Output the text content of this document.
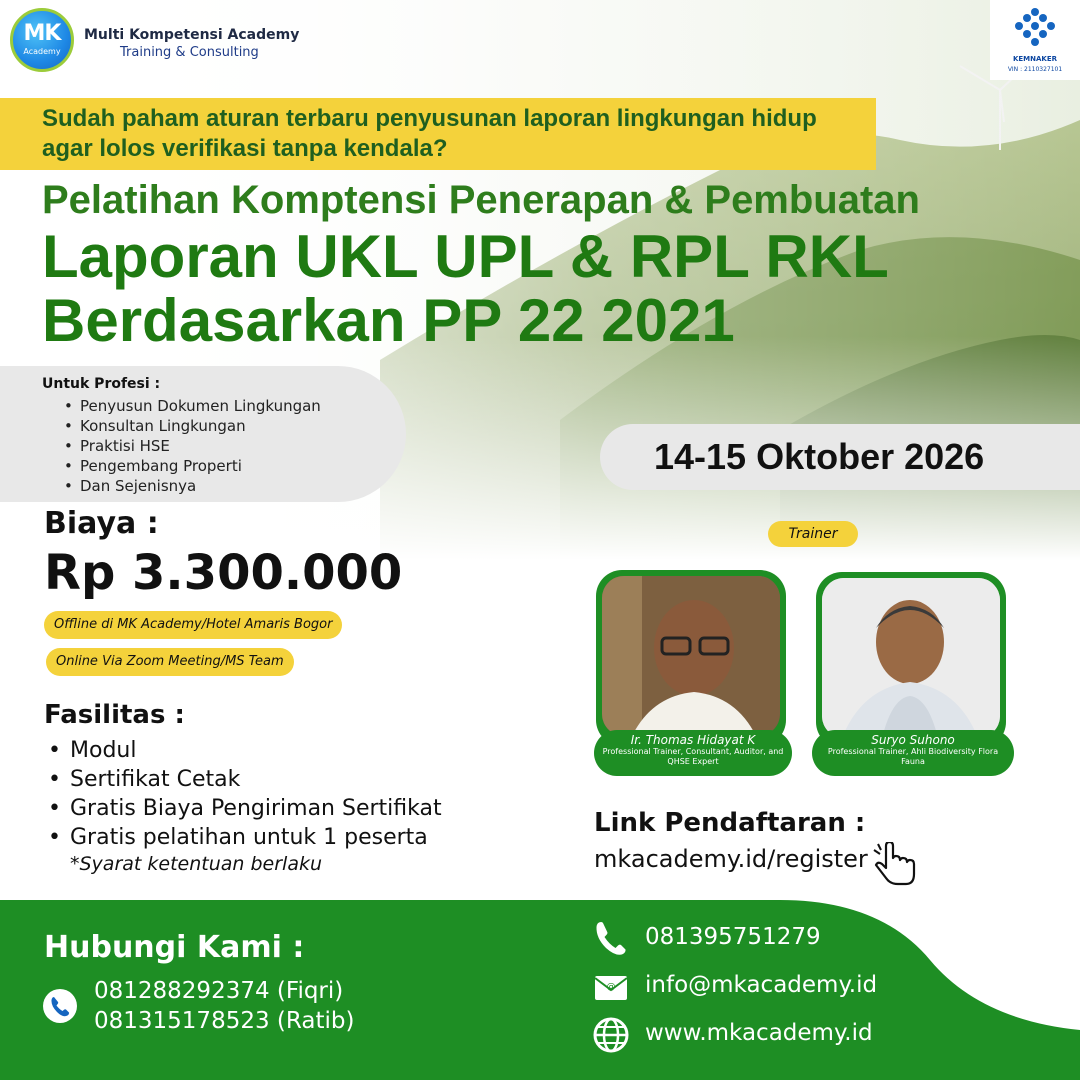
MK
Academy
Multi Kompetensi Academy
Training & Consulting	KEMNAKER
VIN : 2110327101
Sudah paham aturan terbaru penyusunan laporan lingkungan hidup agar lolos verifikasi tanpa kendala?
Pelatihan Komptensi Penerapan & Pembuatan
Laporan UKL UPL & RPL RKL
Berdasarkan PP 22 2021
Untuk Profesi :
• Penyusun Dokumen Lingkungan
• Konsultan Lingkungan
• Praktisi HSE
• Pengembang Properti
• Dan Sejenisnya
14-15 Oktober 2026
Biaya :
Rp 3.300.000
Offline di MK Academy/Hotel Amaris Bogor
Online Via Zoom Meeting/MS Team
Fasilitas :
• Modul
• Sertifikat Cetak
• Gratis Biaya Pengiriman Sertifikat
• Gratis pelatihan untuk 1 peserta
*Syarat ketentuan berlaku
Trainer
Ir. Thomas Hidayat K
Professional Trainer, Consultant, Auditor, and QHSE Expert
Suryo Suhono
Professional Trainer, Ahli Biodiversity Flora Fauna
Link Pendaftaran :
mkacademy.id/register
Hubungi Kami :
081288292374 (Fiqri)
081315178523 (Ratib)
081395751279
@ info@mkacademy.id
www.mkacademy.id
